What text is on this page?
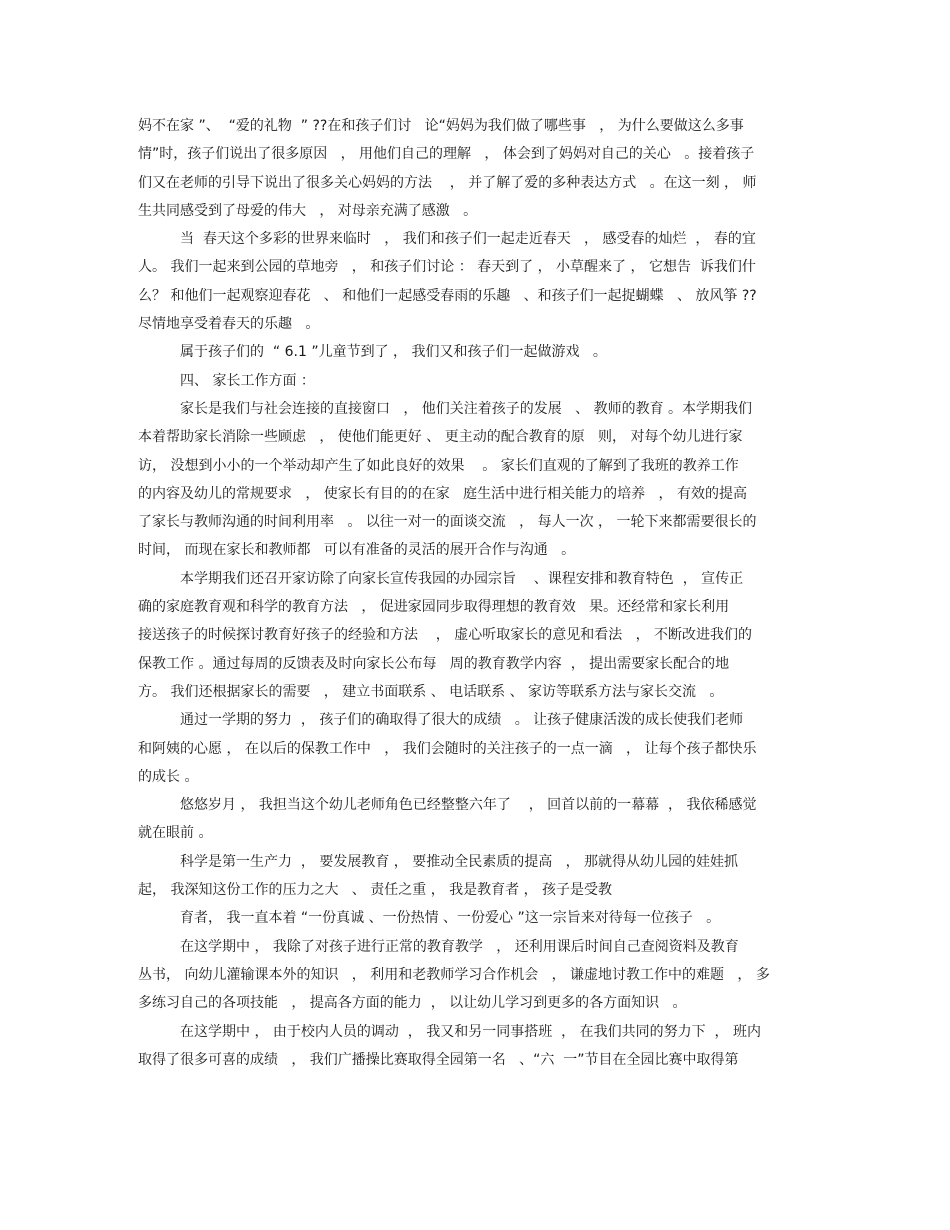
妈不在家 ”、  “爱的礼物  ” ??在和孩子们讨   论“妈妈为我们做了哪些事   ， 为什么要做这么多事
情”时，孩子们说出了很多原因   ， 用他们自己的理解   ， 体会到了妈妈对自己的关心   。接着孩子
们又在老师的引导下说出了很多关心妈妈的方法    ， 并了解了爱的多种表达方式   。在这一刻 ， 师
生共同感受到了母爱的伟大   ， 对母亲充满了感激   。
当  春天这个多彩的世界来临时   ， 我们和孩子们一起走近春天   ， 感受春的灿烂  ， 春的宜
人。 我们一起来到公园的草地旁   ， 和孩子们讨论 ： 春天到了 ， 小草醒来了 ， 它想告  诉我们什
么？ 和他们一起观察迎春花   、 和他们一起感受春雨的乐趣   、和孩子们一起捉蝴蝶   、 放风筝 ??
尽情地享受着春天的乐趣   。
属于孩子们的  “ 6.1 ”儿童节到了 ， 我们又和孩子们一起做游戏   。
四、 家长工作方面 ：
家长是我们与社会连接的直接窗口   ， 他们关注着孩子的发展   、 教师的教育 。本学期我们
本着帮助家长消除一些顾虑   ， 使他们能更好 、 更主动的配合教育的原   则， 对每个幼儿进行家
访， 没想到小小的一个举动却产生了如此良好的效果    。 家长们直观的了解到了我班的教养工作
的内容及幼儿的常规要求   ， 使家长有目的的在家   庭生活中进行相关能力的培养   ， 有效的提高
了家长与教师沟通的时间利用率   。 以往一对一的面谈交流   ， 每人一次 ， 一轮下来都需要很长的
时间， 而现在家长和教师都   可以有准备的灵活的展开合作与沟通   。
本学期我们还召开家访除了向家长宣传我园的办园宗旨    、课程安排和教育特色  ， 宣传正
确的家庭教育观和科学的教育方法   ， 促进家园同步取得理想的教育效   果。还经常和家长利用
接送孩子的时候探讨教育好孩子的经验和方法    ， 虚心听取家长的意见和看法   ， 不断改进我们的
保教工作 。通过每周的反馈表及时向家长公布每   周的教育教学内容  ， 提出需要家长配合的地
方。 我们还根据家长的需要   ， 建立书面联系 、 电话联系 、 家访等联系方法与家长交流   。
通过一学期的努力  ， 孩子们的确取得了很大的成绩   。 让孩子健康活泼的成长使我们老师
和阿姨的心愿 ， 在以后的保教工作中   ， 我们会随时的关注孩子的一点一滴   ， 让每个孩子都快乐
的成长 。
悠悠岁月 ， 我担当这个幼儿老师角色已经整整六年了    ， 回首以前的一幕幕  ， 我依稀感觉
就在眼前 。
科学是第一生产力  ， 要发展教育 ， 要推动全民素质的提高   ， 那就得从幼儿园的娃娃抓
起， 我深知这份工作的压力之大   、 责任之重 ， 我是教育者 ， 孩子是受教
育者， 我一直本着 “一份真诚 、一份热情 、一份爱心 ”这一宗旨来对待每一位孩子   。
在这学期中 ， 我除了对孩子进行正常的教育教学   ， 还利用课后时间自己查阅资料及教育
丛书， 向幼儿灌输课本外的知识   ， 利用和老教师学习合作机会   ， 谦虚地讨教工作中的难题   ， 多
多练习自己的各项技能   ， 提高各方面的能力  ， 以让幼儿学习到更多的各方面知识   。
在这学期中 ， 由于校内人员的调动  ， 我又和另一同事搭班  ， 在我们共同的努力下  ， 班内
取得了很多可喜的成绩   ， 我们广播操比赛取得全园第一名   、“六  一”节目在全园比赛中取得第
